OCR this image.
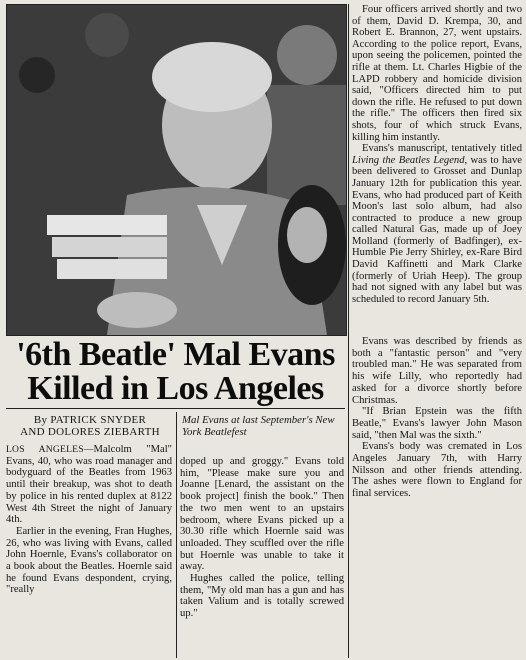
Four officers arrived shortly and two of them, David D. Krempa, 30, and Robert E. Brannon, 27, went upstairs. According to the police report, Evans, upon seeing the policemen, pointed the rifle at them. Lt. Charles Higbie of the LAPD robbery and homicide division said, "Officers directed him to put down the rifle. He refused to put down the rifle." The officers then fired six shots, four of which struck Evans, killing him instantly.

Evans's manuscript, tentatively titled Living the Beatles Legend, was to have been delivered to Grosset and Dunlap January 12th for publication this year. Evans, who had produced part of Keith Moon's last solo album, had also contracted to produce a new group called Natural Gas, made up of Joey Molland (formerly of Badfinger), ex-Humble Pie Jerry Shirley, ex-Rare Bird David Kaffinetti and Mark Clarke (formerly of Uriah Heep). The group had not signed with any label but was scheduled to record January 5th.

'6th Beatle' Mal Evans
Killed in Los Angeles
By PATRICK SNYDER
AND DOLORES ZIEBARTH
Mal Evans at last September's New York Beatlefest

LOS ANGELES—Malcolm "Mal" Evans, 40, who was road manager and bodyguard of the Beatles from 1963 until their breakup, was shot to death by police in his rented duplex at 8122 West 4th Street the night of January 4th.

Earlier in the evening, Fran Hughes, 26, who was living with Evans, called John Hoernle, Evans's collaborator on a book about the Beatles. Hoernle said he found Evans despondent, crying, "really

doped up and groggy." Evans told him, "Please make sure you and Joanne [Lenard, the assistant on the book project] finish the book." Then the two men went to an upstairs bedroom, where Evans picked up a 30.30 rifle which Hoernle said was unloaded. They scuffled over the rifle but Hoernle was unable to take it away.

Hughes called the police, telling them, "My old man has a gun and has taken Valium and is totally screwed up."

Evans was described by friends as both a "fantastic person" and "very troubled man." He was separated from his wife Lilly, who reportedly had asked for a divorce shortly before Christmas.

"If Brian Epstein was the fifth Beatle," Evans's lawyer John Mason said, "then Mal was the sixth."

Evans's body was cremated in Los Angeles January 7th, with Harry Nilsson and other friends attending. The ashes were flown to England for final services.
